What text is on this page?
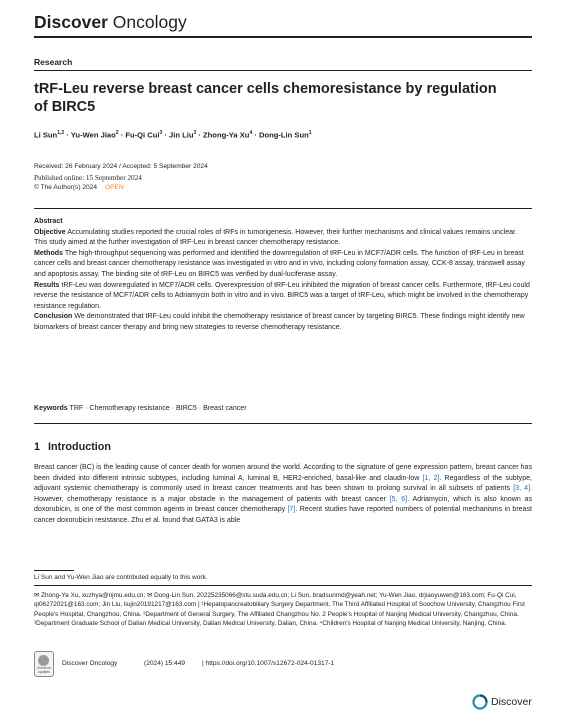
Discover Oncology
Research
tRF-Leu reverse breast cancer cells chemoresistance by regulation of BIRC5
Li Sun$^{1,2}$ · Yu-Wen Jiao$^2$ · Fu-Qi Cui$^3$ · Jin Liu$^3$ · Zhong-Ya $Xu^4$ · Dong-Lin Sun$^1$
Received: 26 February 2024 / Accepted: 5 September 2024
Published online: 15 September 2024
© The Author(s) 2024 OPEN

Abstract

Objective Accumulating studies reported the crucial roles of tRFs in tumorigenesis. However, their further mechanisms and clinical values remains unclear. This study aimed at the further investigation of tRF-Leu in breast cancer chemotherapy resistance.

Methods The high-throughput sequencing was performed and identified the downregulation of tRF-Leu in MCF7/ADR cells. The function of tRF-Leu in breast cancer cells and breast cancer chemotherapy resistance was investigated in vitro and in vivo, including colony formation assay, CCK-8 assay, transwell assay and apoptosis assay. The binding site of tRF-Leu on BIRC5 was verified by dual-luciferase assay.

Results tRF-Leu was downregulated in MCF7/ADR cells. Overexpression of tRF-Leu inhibited the migration of breast cancer cells. Furthermore, tRF-Leu could reverse the resistance of MCF7/ADR cells to Adriamycin both in vitro and in vivo. BIRC5 was a target of tRF-Leu, which might be involved in the chemotherapy resistance regulation.

Conclusion We demonstrated that tRF-Leu could inhibit the chemotherapy resistance of breast cancer by targeting BIRC5. These findings might identify new biomarkers of breast cancer therapy and bring new strategies to reverse chemotherapy resistance.

Keywords TRF · Chemotherapy resistance · BIRC5 · Breast cancer
1 Introduction

Breast cancer (BC) is the leading cause of cancer death for women around the world. According to the signature of gene expression pattern, breast cancer has been divided into different intrinsic subtypes, including luminal A, luminal B, HER2-enriched, basal-like and claudin-low [1, 2]. Regardless of the subtype, adjuvant systemic chemotherapy is commonly used in breast cancer treatments and has been shown to prolong survival in all subsets of patients [3, 4]. However, chemotherapy resistance is a major obstacle in the management of patients with breast cancer [5, 6]. Adriamycin, which is also known as doxorubicin, is one of the most common agents in breast cancer chemotherapy [7]. Recent studies have reported numbers of potential mechanisms in breast cancer doxorubicin resistance. Zhu et al. found that GATA3 is able

Li Sun and Yu-Wen Jiao are contributed equally to this work.

✉ Zhong-Ya Xu, xuzhya@njmu.edu.cn; ✉ Dong-Lin Sun, 20225235066@stu.suda.edu.cn; Li Sun, bradsunmd@yeah.net; Yu-Wen Jiao, drjiaoyuwen@163.com; Fu-Qi Cui, qi06272021@163.com; Jin Liu, liujin20191217@163.com | ¹Hepatopancreatobiliary Surgery Department, The Third Affiliated Hospital of Soochow University, Changzhou First People's Hospital, Changzhou, China. ²Department of General Surgery, The Affiliated Changzhou No. 2 People's Hospital of Nanjing Medical University, Changzhou, China. ³Department Graduate School of Dalian Medical University, Dalian Medical University, Dalian, China. ⁴Children's Hospital of Nanjing Medical University, Nanjing, China.

Check for updates
Discover Oncology	(2024) 15:449	| https://doi.org/10.1007/s12672-024-01317-1
Discover
